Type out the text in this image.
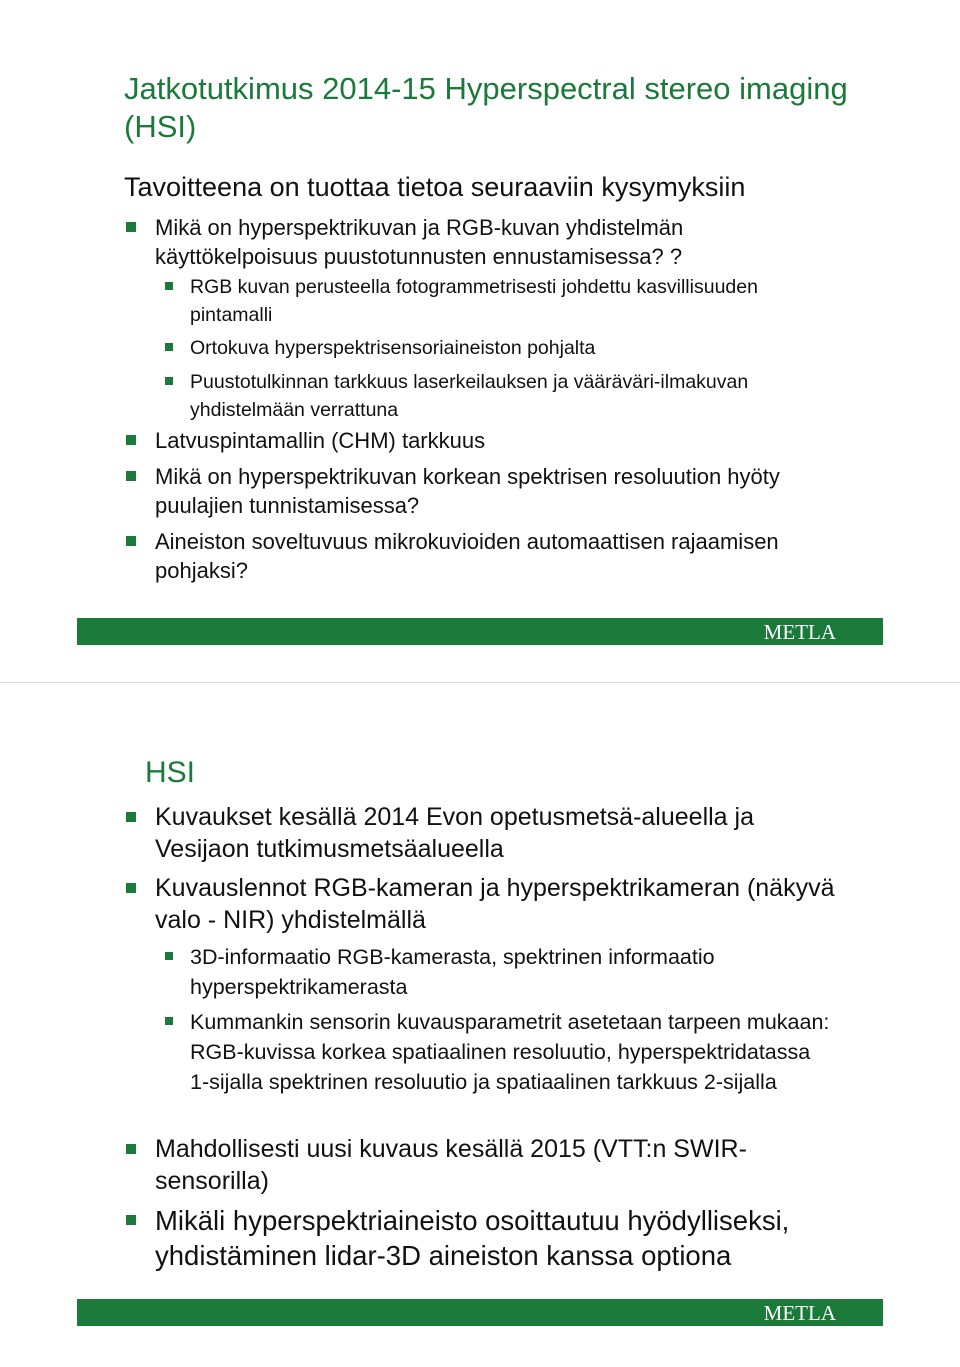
Jatkotutkimus 2014-15 Hyperspectral stereo imaging (HSI)
Tavoitteena on tuottaa tietoa seuraaviin kysymyksiin
Mikä on hyperspektrikuvan ja RGB-kuvan yhdistelmän käyttökelpoisuus puustotunnusten ennustamisessa? ?
RGB kuvan perusteella fotogrammetrisesti johdettu kasvillisuuden pintamalli
Ortokuva hyperspektrisensoriaineiston pohjalta
Puustotulkinnan tarkkuus laserkeilauksen ja vääräväri-ilmakuvan yhdistelmään verrattuna
Latvuspintamallin (CHM) tarkkuus
Mikä on hyperspektrikuvan korkean spektrisen resoluution hyöty puulajien tunnistamisessa?
Aineiston soveltuvuus mikrokuvioiden automaattisen rajaamisen pohjaksi?
METLA
HSI
Kuvaukset kesällä 2014 Evon opetusmetsä-alueella ja Vesijaon tutkimusmetsäalueella
Kuvauslennot RGB-kameran ja hyperspektrikameran (näkyvä valo - NIR) yhdistelmällä
3D-informaatio RGB-kamerasta, spektrinen informaatio hyperspektrikamerasta
Kummankin sensorin kuvausparametrit asetetaan tarpeen mukaan: RGB-kuvissa korkea spatiaalinen resoluutio, hyperspektridatassa 1-sijalla spektrinen resoluutio ja spatiaalinen tarkkuus 2-sijalla
Mahdollisesti uusi kuvaus kesällä 2015 (VTT:n SWIR-sensorilla)
Mikäli hyperspektriaineisto osoittautuu hyödylliseksi, yhdistäminen lidar-3D aineiston kanssa optiona
METLA
